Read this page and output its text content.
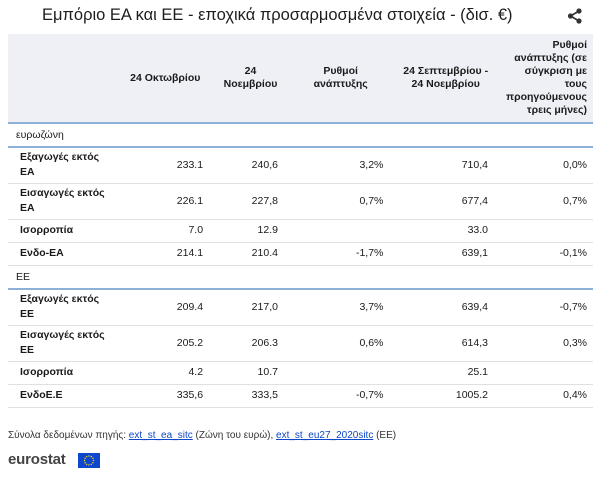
Εμπόριο ΕΑ και ΕΕ - εποχικά προσαρμοσμένα στοιχεία - (δισ. €)
	24 Οκτωβρίου	24 Νοεμβρίου	Ρυθμοί ανάπτυξης	24 Σεπτεμβρίου - 24 Νοεμβρίου	Ρυθμοί ανάπτυξης (σε σύγκριση με τους προηγούμενους τρεις μήνες)
ευρωζώνη					
Εξαγωγές εκτός ΕΑ	233.1	240,6	3,2%	710,4	0,0%
Εισαγωγές εκτός ΕΑ	226.1	227,8	0,7%	677,4	0,7%
Ισορροπία	7.0	12.9		33.0	
Ενδο-ΕΑ	214.1	210.4	-1,7%	639,1	-0,1%
ΕΕ					
Εξαγωγές εκτός ΕΕ	209.4	217,0	3,7%	639,4	-0,7%
Εισαγωγές εκτός ΕΕ	205.2	206.3	0,6%	614,3	0,3%
Ισορροπία	4.2	10.7		25.1	
ΕνδοΕ.Ε	335,6	333,5	-0,7%	1005.2	0,4%
Σύνολα δεδομένων πηγής: ext_st_ea_sitc (Ζώνη του ευρώ), ext_st_eu27_2020sitc (ΕΕ)
eurostat
